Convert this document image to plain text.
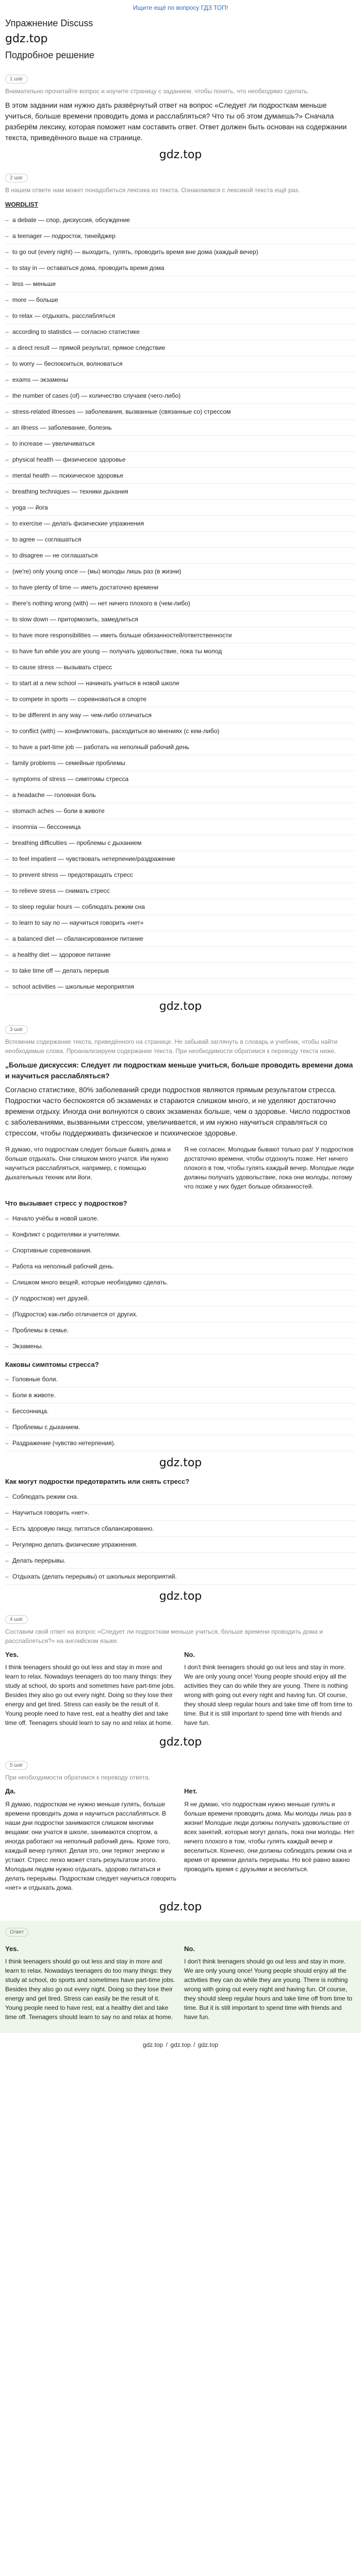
Ищите ещё по вопросу ГДЗ ТОП!
Упражнение Discuss
gdz.top
Подробное решение
1 шаг
Внимательно прочитайте вопрос и изучите страницу с заданием, чтобы понять, что необходимо сделать.

В этом задании нам нужно дать развёрнутый ответ на вопрос «Следует ли подросткам меньше учиться, больше времени проводить дома и расслабляться? Что ты об этом думаешь?» Сначала разберём лексику, которая поможет нам составить ответ. Ответ должен быть основан на содержании текста, приведённого выше на странице.

gdz.top
2 шаг
В нашем ответе нам может понадобиться лексика из текста. Ознакомимся с лексикой текста ещё раз.
WORDLIST
– a debate — спор, дискуссия, обсуждение
– a teenager — подросток, тинейджер
– to go out (every night) — выходить, гулять, проводить время вне дома (каждый вечер)
– to stay in — оставаться дома, проводить время дома
– less — меньше
– more — больше
– to relax — отдыхать, расслабляться
– according to statistics — согласно статистике
– a direct result — прямой результат, прямое следствие
– to worry — беспокоиться, волноваться
– exams — экзамены
– the number of cases (of) — количество случаев (чего-либо)
– stress-related illnesses — заболевания, вызванные (связанные со) стрессом
– an illness — заболевание, болезнь
– to increase — увеличиваться
– physical health — физическое здоровье
– mental health — психическое здоровье
– breathing techniques — техники дыхания
– yoga — йога
– to exercise — делать физические упражнения
– to agree — соглашаться
– to disagree — не соглашаться
– (we're) only young once — (мы) молоды лишь раз (в жизни)
– to have plenty of time — иметь достаточно времени
– there's nothing wrong (with) — нет ничего плохого в (чем-либо)
– to slow down — притормозить, замедлиться
– to have more responsibilities — иметь больше обязанностей/ответственности
– to have fun while you are young — получать удовольствие, пока ты молод
– to cause stress — вызывать стресс
– to start at a new school — начинать учиться в новой школе
– to compete in sports — соревноваться в спорте
– to be different in any way — чем-либо отличаться
– to conflict (with) — конфликтовать, расходиться во мнениях (с кем-либо)
– to have a part-time job — работать на неполный рабочий день
– family problems — семейные проблемы
– symptoms of stress — симптомы стресса
– a headache — головная боль
– stomach aches — боли в животе
– insomnia — бессонница
– breathing difficulties — проблемы с дыханием
– to feel impatient — чувствовать нетерпение/раздражение
– to prevent stress — предотвращать стресс
– to relieve stress — снимать стресс
– to sleep regular hours — соблюдать режим сна
– to learn to say no — научиться говорить «нет»
– a balanced diet — сбалансированное питание
– a healthy diet — здоровое питание
– to take time off — делать перерыв
– school activities — школьные мероприятия
gdz.top
3 шаг
Вспомним содержание текста, приведённого на странице. Не забывай заглянуть в словарь и учебник, чтобы найти необходимые слова. Проанализируем содержание текста. При необходимости обратимся к переводу текста ниже.

„Больше дискуссия: Следует ли подросткам меньше учиться, больше проводить времени дома и научиться расслабляться?

Согласно статистике, 80% заболеваний среди подростков являются прямым результатом стресса. Подростки часто беспокоятся об экзаменах и стараются слишком много, и не уделяют достаточно времени отдыху. Иногда они волнуются о своих экзаменах больше, чем о здоровье. Число подростков с заболеваниями, вызванными стрессом, увеличивается, и им нужно научиться справляться со стрессом, чтобы поддерживать физическое и психическое здоровье.

Я думаю, что подросткам следует больше бывать дома и больше отдыхать. Они слишком много учатся. Им нужно научиться расслабляться, например, с помощью дыхательных техник или йоги.

Я не согласен. Молодым бывают только раз! У подростков достаточно времени, чтобы отдохнуть позже. Нет ничего плохого в том, чтобы гулять каждый вечер. Молодые люди должны получать удовольствие, пока они молоды, потому что позже у них будет больше обязанностей.

Что вызывает стресс у подростков?
– Начало учёбы в новой школе.
– Конфликт с родителями и учителями.
– Спортивные соревнования.
– Работа на неполный рабочий день.
– Слишком много вещей, которые необходимо сделать.
– (У подростков) нет друзей.
– (Подросток) как-либо отличается от других.
– Проблемы в семье.
– Экзамены.
Каковы симптомы стресса?
– Головные боли.
– Боли в животе.
– Бессонница.
– Проблемы с дыханием.
– Раздражение (чувство нетерпения).
gdz.top
Как могут подростки предотвратить или снять стресс?
– Соблюдать режим сна.
– Научиться говорить «нет».
– Есть здоровую пищу, питаться сбалансированно.
– Регулярно делать физические упражнения.
– Делать перерывы.
– Отдыхать (делать перерывы) от школьных мероприятий.
gdz.top
4 шаг
Составим свой ответ на вопрос «Следует ли подросткам меньше учиться, больше времени проводить дома и расслабляться?» на английском языке.
Yes.

I think teenagers should go out less and stay in more and learn to relax. Nowadays teenagers do too many things: they study at school, do sports and sometimes have part-time jobs. Besides they also go out every night. Doing so they lose their energy and get tired. Stress can easily be the result of it. Young people need to have rest, eat a healthy diet and take time off. Teenagers should learn to say no and relax at home.

No.

I don't think teenagers should go out less and stay in more. We are only young once! Young people should enjoy all the activities they can do while they are young. There is nothing wrong with going out every night and having fun. Of course, they should sleep regular hours and take time off from time to time. But it is still important to spend time with friends and have fun.

gdz.top
5 шаг
При необходимости обратимся к переводу ответа.
Да.

Я думаю, подросткам не нужно меньше гулять, больше времени проводить дома и научиться расслабляться. В наши дни подростки занимаются слишком многими вещами: они учатся в школе, занимаются спортом, а иногда работают на неполный рабочий день. Кроме того, каждый вечер гуляют. Делая это, они теряют энергию и устают. Стресс легко может стать результатом этого. Молодым людям нужно отдыхать, здорово питаться и делать перерывы. Подросткам следует научиться говорить «нет» и отдыхать дома.

Нет.

Я не думаю, что подросткам нужно меньше гулять и больше времени проводить дома. Мы молоды лишь раз в жизни! Молодые люди должны получать удовольствие от всех занятий, которые могут делать, пока они молоды. Нет ничего плохого в том, чтобы гулять каждый вечер и веселиться. Конечно, они должны соблюдать режим сна и время от времени делать перерывы. Но всё равно важно проводить время с друзьями и веселиться.

gdz.top
Ответ
Yes.

I think teenagers should go out less and stay in more and learn to relax. Nowadays teenagers do too many things: they study at school, do sports and sometimes have part-time jobs. Besides they also go out every night. Doing so they lose their energy and get tired. Stress can easily be the result of it. Young people need to have rest, eat a healthy diet and take time off. Teenagers should learn to say no and relax at home.

No.

I don't think teenagers should go out less and stay in more. We are only young once! Young people should enjoy all the activities they can do while they are young. There is nothing wrong with going out every night and having fun. Of course, they should sleep regular hours and take time off from time to time. But it is still important to spend time with friends and have fun.

gdz.top / gdz.top / gdz.top
